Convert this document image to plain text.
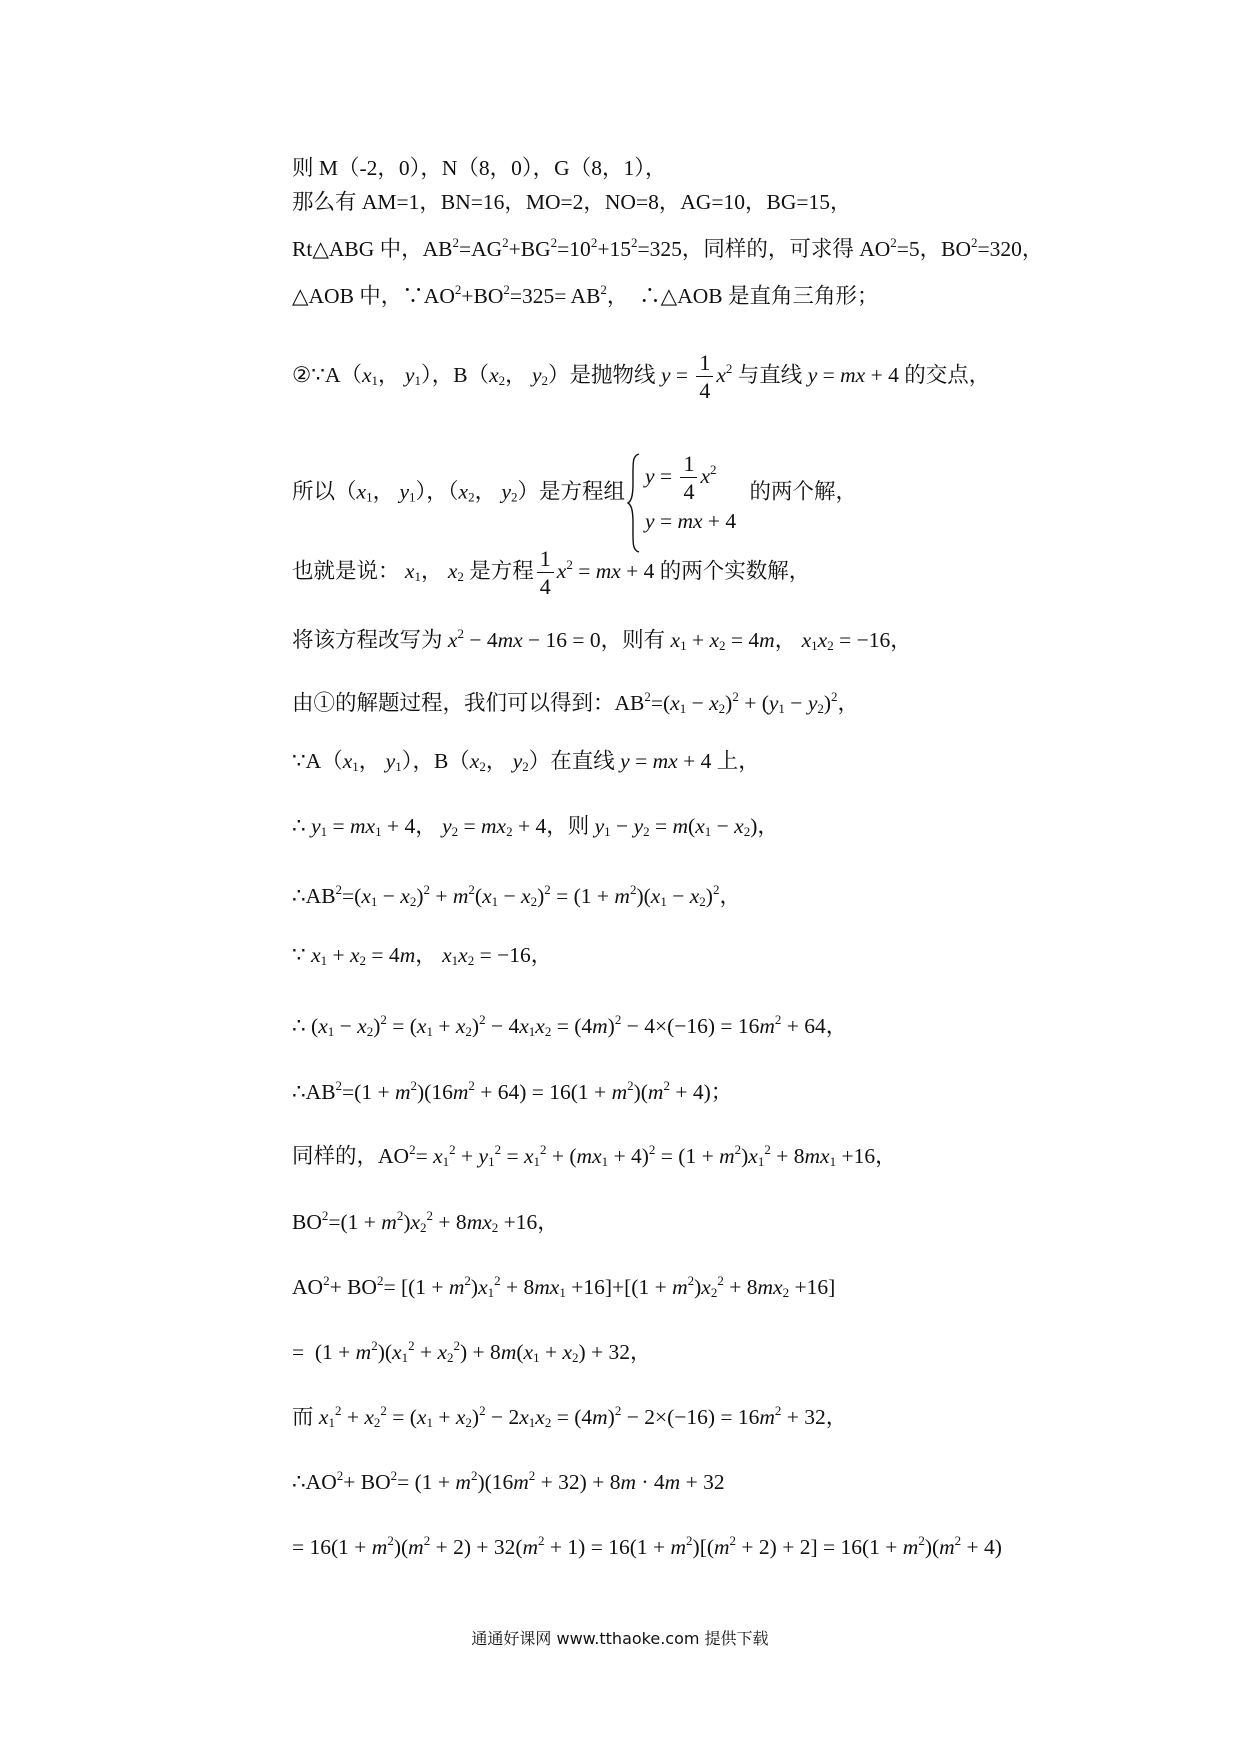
则 M（-2，0），N（8，0），G（8，1），
那么有 AM=1，BN=16，MO=2，NO=8，AG=10，BG=15，
Rt△ABG 中，$AB^2=AG^2+BG^2=10^2+15^2=325$，同样的，可求得 $AO^2=5$，$BO^2=320$，
△AOB 中，$\because AO^2+BO^2=325= AB^2$，  ∴△AOB 是直角三角形；
$②\because A(x_1$， $y_1$），$B(x_2$， $y_2$）是抛物线 $y = \frac{1}{4} x^2$ 与直线 y = mx + 4 的交点，
所以（$x_1$， $y_1$），（$x_2$， $y_2$）是方程组
$y = \frac{1}{4} x^2$
y = mx + 4
的两个解，
也就是说： $x_1$， $x_2$ 是方程 $\frac{1}{4} x^2$ = mx + 4 的两个实数解，
将该方程改写为 $x^2 - 4mx - 16 = 0$，则有 $x_1 + x_2 = 4m$， $x_1x_2 = -16$，
由①的解题过程，我们可以得到：$AB^2=(x_1 - x_2)^2 + (y_1 - y_2)^2$，
$\because A(x_1$， $y_1$），$B(x_2$， $y_2$）在直线 y = mx + 4 上，
∴ $y_1 = mx_1 + 4$， $y_2 = mx_2 + 4$，则 $y_1 - y_2 = m(x_1 - x_2)$，
$\therefore AB^2=(x_1 - x_2)^2 + m^2(x_1 - x_2)^2 = (1 + m^2)(x_1 - x_2)^2$，
∵ $x_1 + x_2 = 4m$， $x_1x_2 = -16$，
∴ $(x_1 - x_2)^2 = (x_1 + x_2)^2 - 4x_1x_2 = (4m)^2 - 4\times(-16) = 16m^2 + 64$，
$\therefore AB^2=(1 + m^2)(16m^2 + 64) = 16(1 + m^2)(m^2 + 4)$；
同样的，$AO^2= x_1^2 + y_1^2 = x_1^2 + (mx_1 + 4)^2 = (1 + m^2)x_1^2 + 8mx_1 +16$，
$BO^2=(1 + m^2)x_2^2 + 8mx_2 +16$，
$AO^2+ BO^2= [(1 + m^2)x_1^2 + 8mx_1 +16]+[(1 + m^2)x_2^2 + 8mx_2 +16]$
=  $(1 + m^2)(x_1^2 + x_2^2) + 8m(x_1 + x_2) + 32$，
而 $x_1^2 + x_2^2 = (x_1 + x_2)^2 - 2x_1x_2 = (4m)^2 - 2\times(-16) = 16m^2 + 32$，
$\therefore AO^2+ BO^2= (1 + m^2)(16m^2 + 32) + 8m \cdot 4m + 32$
= $16(1 + m^2)(m^2 + 2) + 32(m^2 + 1) = 16(1 + m^2)[(m^2 + 2) + 2] = 16(1 + m^2)(m^2 + 4)$
通通好课网 www.tthaoke.com 提供下载
